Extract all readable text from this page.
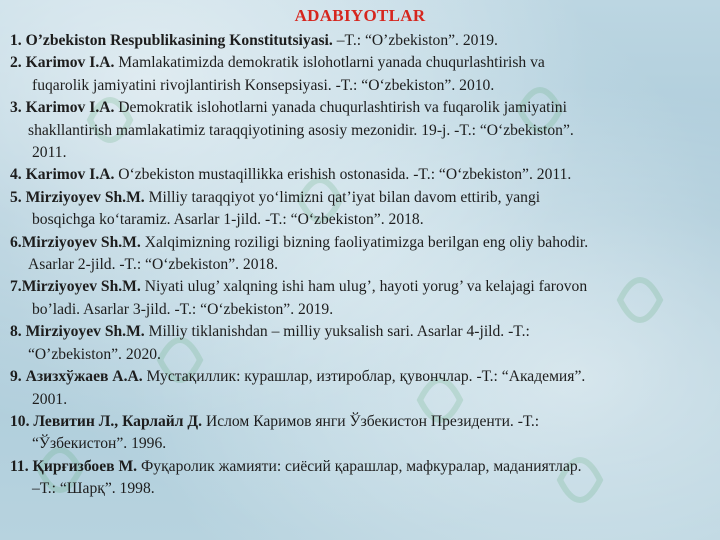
ADABIYOTLAR

1. O’zbekiston Respublikasining Konstitutsiyasi. –T.: “O’zbekiston”. 2019.

2. Karimov I.A. Mamlakatimizda demokratik islohotlarni yanada chuqurlashtirish va
fuqarolik jamiyatini rivojlantirish Konsepsiyasi. -T.: “O‘zbekiston”. 2010.

3. Karimov I.A. Demokratik islohotlarni yanada chuqurlashtirish va fuqarolik jamiyatini
shakllantirish mamlakatimiz taraqqiyotining asosiy mezonidir. 19-j. -T.: “O‘zbekiston”.
2011.

4. Karimov I.A. O‘zbekiston mustaqillikka erishish ostonasida. -T.: “O‘zbekiston”. 2011.

5. Mirziyoyev Sh.M. Milliy taraqqiyot yo‘limizni qat’iyat bilan davom ettirib, yangi
bosqichga ko‘taramiz. Asarlar 1-jild. -T.: “O‘zbekiston”. 2018.

6.Mirziyoyev Sh.M. Xalqimizning roziligi bizning faoliyatimizga berilgan eng oliy bahodir.
Asarlar 2-jild. -T.: “O‘zbekiston”. 2018.

7.Mirziyoyev Sh.M. Niyati ulug’ xalqning ishi ham ulug’, hayoti yorug’ va kelajagi farovon
bo’ladi. Asarlar 3-jild. -T.: “O‘zbekiston”. 2019.

8. Mirziyoyev Sh.M. Milliy tiklanishdan – milliy yuksalish sari. Asarlar 4-jild. -T.:
“O’zbekiston”. 2020.

9. Азизхўжаев А.А. Мустақиллик: курашлар, изтироблар, қувончлар. -Т.: “Академия”.
2001.

10. Левитин Л., Карлайл Д. Ислом Каримов янги Ўзбекистон Президенти. -Т.:
“Ўзбекистон”. 1996.

11. Қирғизбоев М. Фуқаролик жамияти: сиёсий қарашлар, мафкуралар, маданиятлар.
–Т.: “Шарқ”. 1998.
